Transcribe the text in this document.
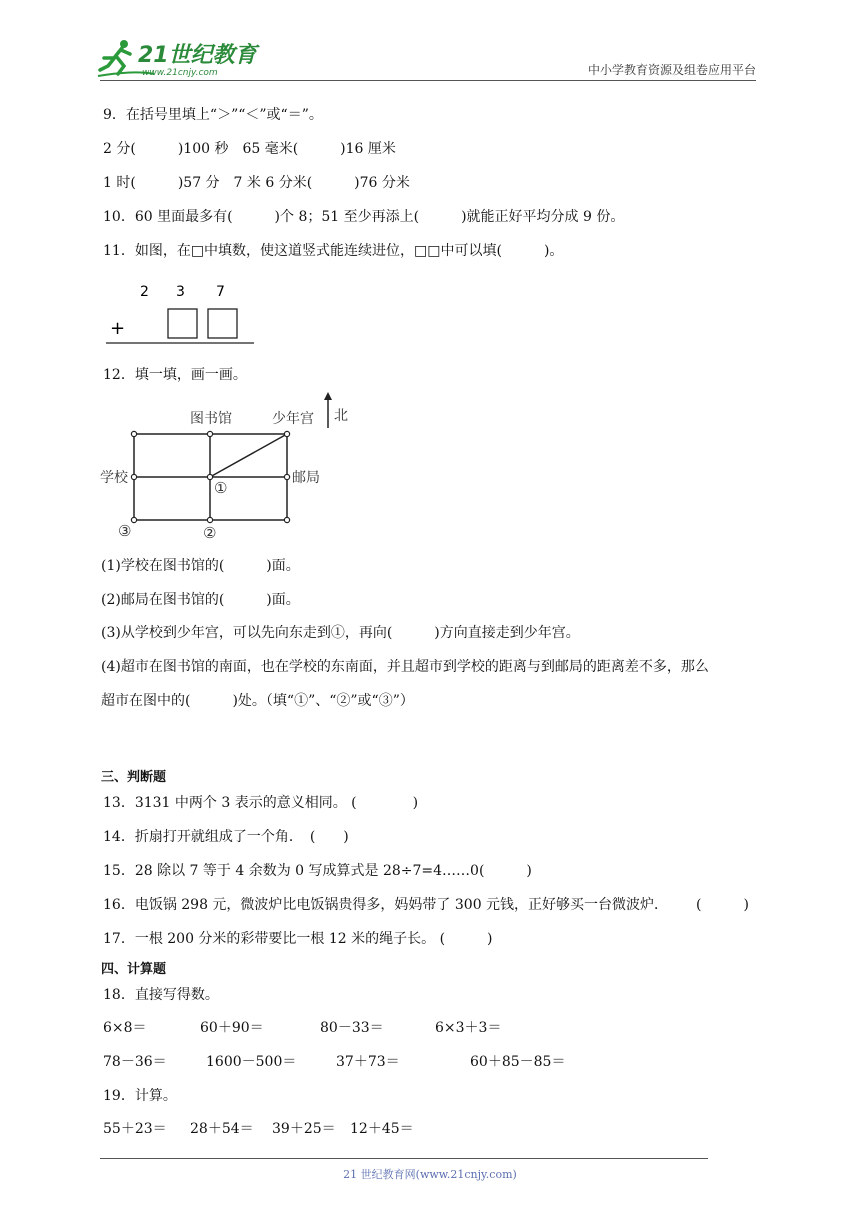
21世纪教育
www.21cnjy.com	中小学教育资源及组卷应用平台
9．在括号里填上“＞”“＜”或“＝”。
2 分(　　　)100 秒　65 毫米(　　　)16 厘米
1 时(　　　)57 分　7 米 6 分米(　　　)76 分米
10．60 里面最多有(　　　)个 8；51 至少再添上(　　　)就能正好平均分成 9 份。
11．如图，在□中填数，使这道竖式能连续进位，□□中可以填(　　　)。
2 3 7
+
12．填一填，画一画。
图书馆	少年宫 北
学校	邮局
①
②
③
(1)学校在图书馆的(　　　)面。
(2)邮局在图书馆的(　　　)面。
(3)从学校到少年宫，可以先向东走到①，再向(　　　)方向直接走到少年宫。
(4)超市在图书馆的南面，也在学校的东南面，并且超市到学校的距离与到邮局的距离差不多，那么
超市在图中的(　　　)处。（填“①”、“②”或“③”）
三、判断题
13．3131 中两个 3 表示的意义相同。 (　　　　)
14．折扇打开就组成了一个角．　(　　)
15．28 除以 7 等于 4 余数为 0 写成算式是 28÷7=4……0(　　　)
16．电饭锅 298 元，微波炉比电饭锅贵得多，妈妈带了 300 元钱，正好够买一台微波炉． (　　　)
17．一根 200 分米的彩带要比一根 12 米的绳子长。 (　　　)
四、计算题
18．直接写得数。
6×8＝	60＋90＝	80－33＝	6×3＋3＝
78－36＝	1600－500＝	37＋73＝	60＋85－85＝
19．计算。
55＋23＝ 28＋54＝ 39＋25＝ 12＋45＝
21 世纪教育网(www.21cnjy.com)
